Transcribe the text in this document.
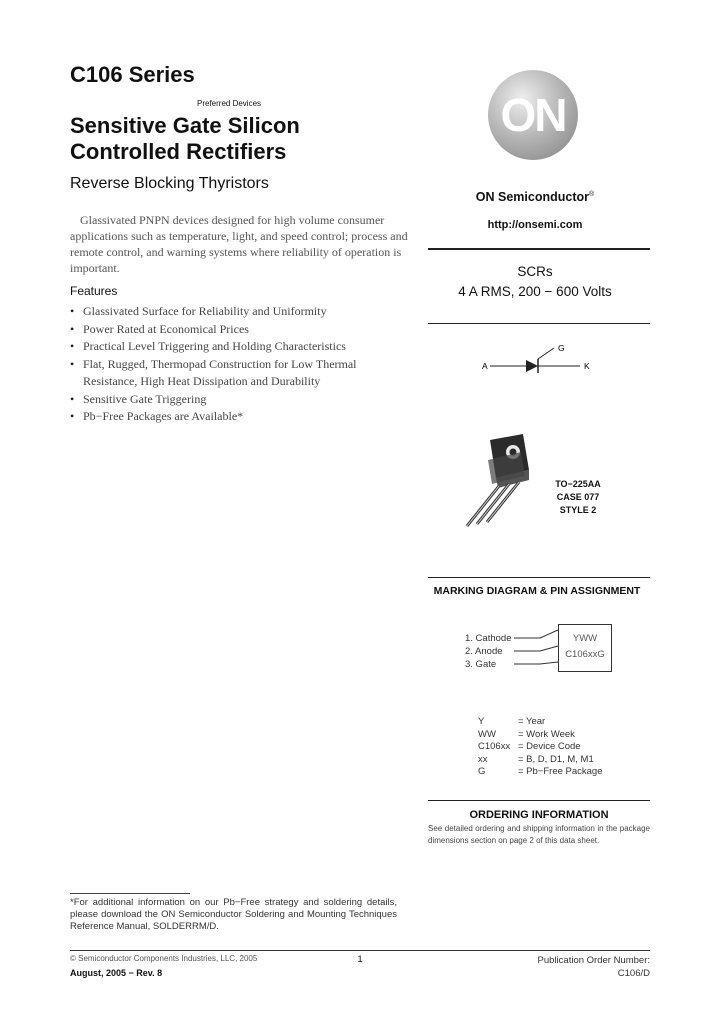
C106 Series
Preferred Devices
Sensitive Gate Silicon
Controlled Rectifiers
Reverse Blocking Thyristors
Glassivated PNPN devices designed for high volume consumer applications such as temperature, light, and speed control; process and remote control, and warning systems where reliability of operation is important.
Features
• Glassivated Surface for Reliability and Uniformity
• Power Rated at Economical Prices
• Practical Level Triggering and Holding Characteristics
• Flat, Rugged, Thermopad Construction for Low Thermal Resistance, High Heat Dissipation and Durability
• Sensitive Gate Triggering
• Pb−Free Packages are Available*
ON
ON Semiconductor®
http://onsemi.com
SCRs
4 A RMS, 200 − 600 Volts
A	K
G
TO−225AA
CASE 077
STYLE 2
MARKING DIAGRAM & PIN ASSIGNMENT
1. Cathode
2. Anode
3. Gate
YWW
C106xxG
Y	= Year
WW = Work Week
C106xx = Device Code
xx	= B, D, D1, M, M1
G	= Pb−Free Package
ORDERING INFORMATION
See detailed ordering and shipping information in the package dimensions section on page 2 of this data sheet.
*For additional information on our Pb−Free strategy and soldering details, please download the ON Semiconductor Soldering and Mounting Techniques Reference Manual, SOLDERRM/D.
© Semiconductor Components Industries, LLC, 2005
August, 2005 − Rev. 8
1	Publication Order Number:
C106/D
